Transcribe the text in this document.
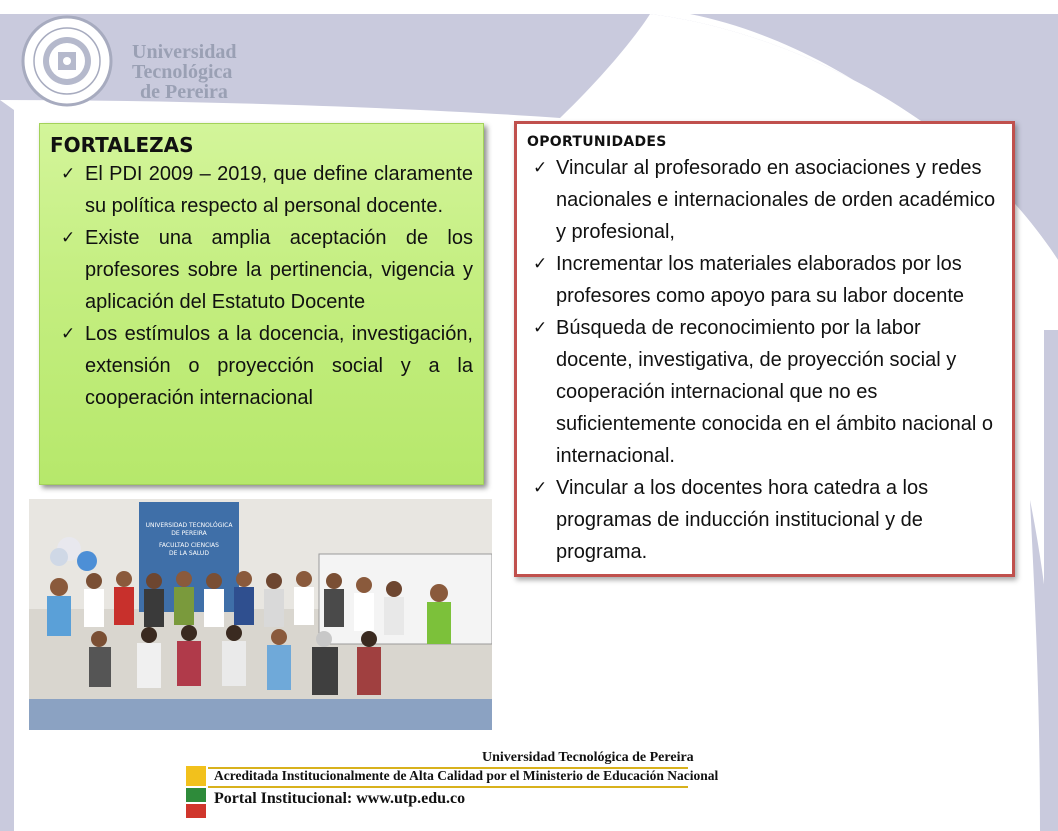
Universidad
Tecnológica
de Pereira
FORTALEZAS
✓ El PDI 2009 – 2019, que define claramente su política respecto al personal docente.
✓ Existe una amplia aceptación de los profesores sobre la pertinencia, vigencia y aplicación del Estatuto Docente
✓ Los estímulos a la docencia, investigación, extensión o proyección social y a la cooperación internacional
OPORTUNIDADES
✓ Vincular al profesorado en asociaciones y redes nacionales e internacionales de orden académico y profesional,
✓ Incrementar los materiales elaborados por los profesores como apoyo para su labor docente
✓ Búsqueda de reconocimiento por la labor docente, investigativa, de proyección social y cooperación internacional que no es suficientemente conocida en el ámbito nacional o internacional.
✓ Vincular a los docentes hora catedra a los programas de inducción institucional y de programa.
UNIVERSIDAD TECNOLÓGICA
DE PEREIRA
FACULTAD CIENCIAS
DE LA SALUD
Universidad Tecnológica de Pereira
Acreditada Institucionalmente de Alta Calidad por el Ministerio de Educación Nacional
Portal Institucional: www.utp.edu.co
